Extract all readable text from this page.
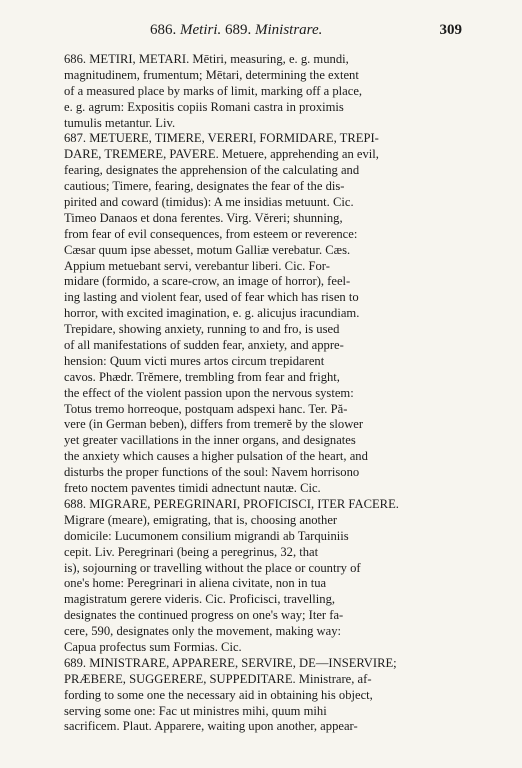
686. Metiri. 689. Ministrare.	309
686. METIRI, METARI. Mētiri, measuring, e. g. mundi,
magnitudinem, frumentum; Mētari, determining the extent
of a measured place by marks of limit, marking off a place,
e. g. agrum: Expositis copiis Romani castra in proximis
tumulis metantur. Liv.
687. METUERE, TIMERE, VERERI, FORMIDARE, TREPI-
DARE, TREMERE, PAVERE. Metuere, apprehending an evil,
fearing, designates the apprehension of the calculating and
cautious; Timere, fearing, designates the fear of the dis-
pirited and coward (timidus): A me insidias metuunt. Cic.
Timeo Danaos et dona ferentes. Virg. Vĕreri; shunning,
from fear of evil consequences, from esteem or reverence:
Cæsar quum ipse abesset, motum Galliæ verebatur. Cæs.
Appium metuebant servi, verebantur liberi. Cic. For-
midare (formido, a scare-crow, an image of horror), feel-
ing lasting and violent fear, used of fear which has risen to
horror, with excited imagination, e. g. alicujus iracundiam.
Trepidare, showing anxiety, running to and fro, is used
of all manifestations of sudden fear, anxiety, and appre-
hension: Quum victi mures artos circum trepidarent
cavos. Phædr. Trĕmere, trembling from fear and fright,
the effect of the violent passion upon the nervous system:
Totus tremo horreoque, postquam adspexi hanc. Ter. Pă-
vere (in German beben), differs from tremerĕ by the slower
yet greater vacillations in the inner organs, and designates
the anxiety which causes a higher pulsation of the heart, and
disturbs the proper functions of the soul: Navem horrisono
freto noctem paventes timidi adnectunt nautæ. Cic.
688. MIGRARE, PEREGRINARI, PROFICISCI, ITER FACERE.
Migrare (meare), emigrating, that is, choosing another
domicile: Lucumonem consilium migrandi ab Tarquiniis
cepit. Liv. Peregrinari (being a peregrinus, 32, that
is), sojourning or travelling without the place or country of
one's home: Peregrinari in aliena civitate, non in tua
magistratum gerere videris. Cic. Proficisci, travelling,
designates the continued progress on one's way; Iter fa-
cere, 590, designates only the movement, making way:
Capua profectus sum Formias. Cic.
689. MINISTRARE, APPARERE, SERVIRE, DE—INSERVIRE;
PRÆBERE, SUGGERERE, SUPPEDITARE. Ministrare, af-
fording to some one the necessary aid in obtaining his object,
serving some one: Fac ut ministres mihi, quum mihi
sacrificem. Plaut. Apparere, waiting upon another, appear-
